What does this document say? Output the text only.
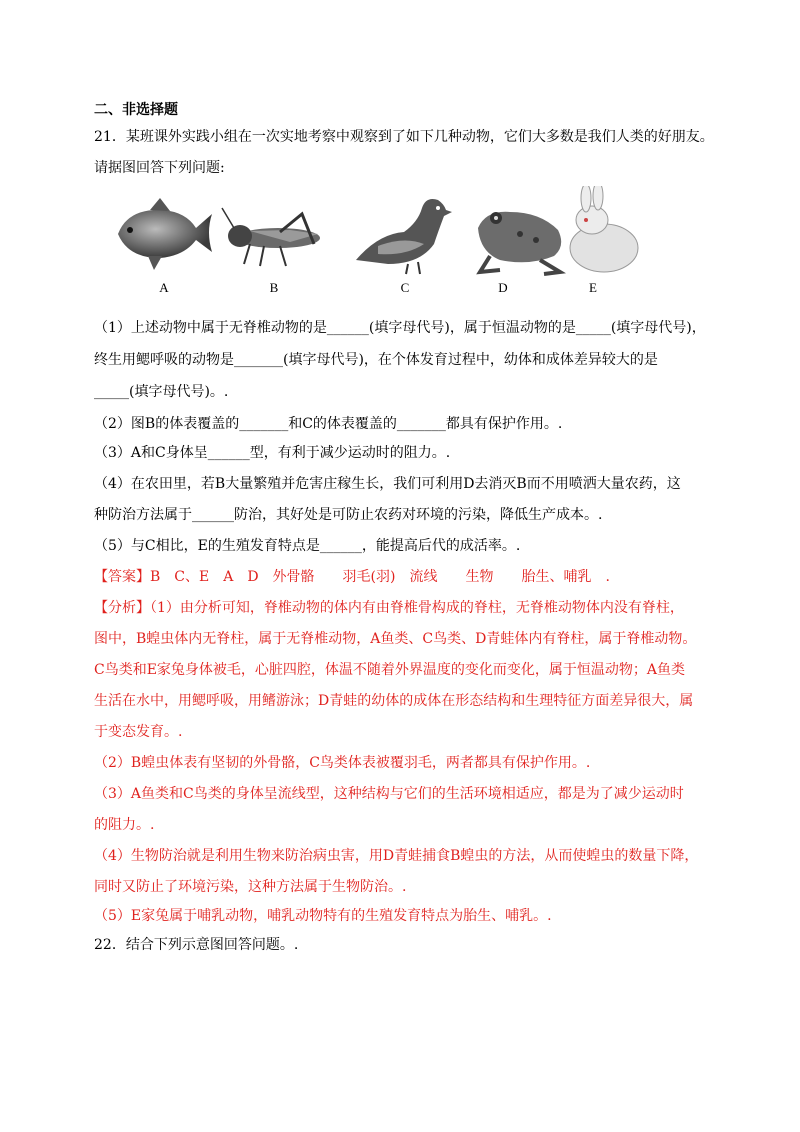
二、非选择题
21．某班课外实践小组在一次实地考察中观察到了如下几种动物，它们大多数是我们人类的好朋友。
请据图回答下列问题:
A	B	C	D	E
（1）上述动物中属于无脊椎动物的是______(填字母代号)，属于恒温动物的是_____(填字母代号)，
终生用鳃呼吸的动物是_______(填字母代号)，在个体发育过程中，幼体和成体差异较大的是
_____(填字母代号)。.
（2）图B的体表覆盖的_______和C的体表覆盖的_______都具有保护作用。.
（3）A和C身体呈______型，有利于减少运动时的阻力。.
（4）在农田里，若B大量繁殖并危害庄稼生长，我们可利用D去消灭B而不用喷洒大量农药，这
种防治方法属于______防治，其好处是可防止农药对环境的污染，降低生产成本。.
（5）与C相比，E的生殖发育特点是______，能提高后代的成活率。.
【答案】B　C、E　A　D　外骨骼　　羽毛(羽)　流线　　生物　　胎生、哺乳　.
【分析】（1）由分析可知，脊椎动物的体内有由脊椎骨构成的脊柱，无脊椎动物体内没有脊柱，
图中，B蝗虫体内无脊柱，属于无脊椎动物，A鱼类、C鸟类、D青蛙体内有脊柱，属于脊椎动物。
C鸟类和E家兔身体被毛，心脏四腔，体温不随着外界温度的变化而变化，属于恒温动物；A鱼类
生活在水中，用鳃呼吸，用鳍游泳；D青蛙的幼体的成体在形态结构和生理特征方面差异很大，属
于变态发育。.
（2）B蝗虫体表有坚韧的外骨骼，C鸟类体表被覆羽毛，两者都具有保护作用。.
（3）A鱼类和C鸟类的身体呈流线型，这种结构与它们的生活环境相适应，都是为了减少运动时
的阻力。.
（4）生物防治就是利用生物来防治病虫害，用D青蛙捕食B蝗虫的方法，从而使蝗虫的数量下降，
同时又防止了环境污染，这种方法属于生物防治。.
（5）E家兔属于哺乳动物，哺乳动物特有的生殖发育特点为胎生、哺乳。.
22．结合下列示意图回答问题。.
